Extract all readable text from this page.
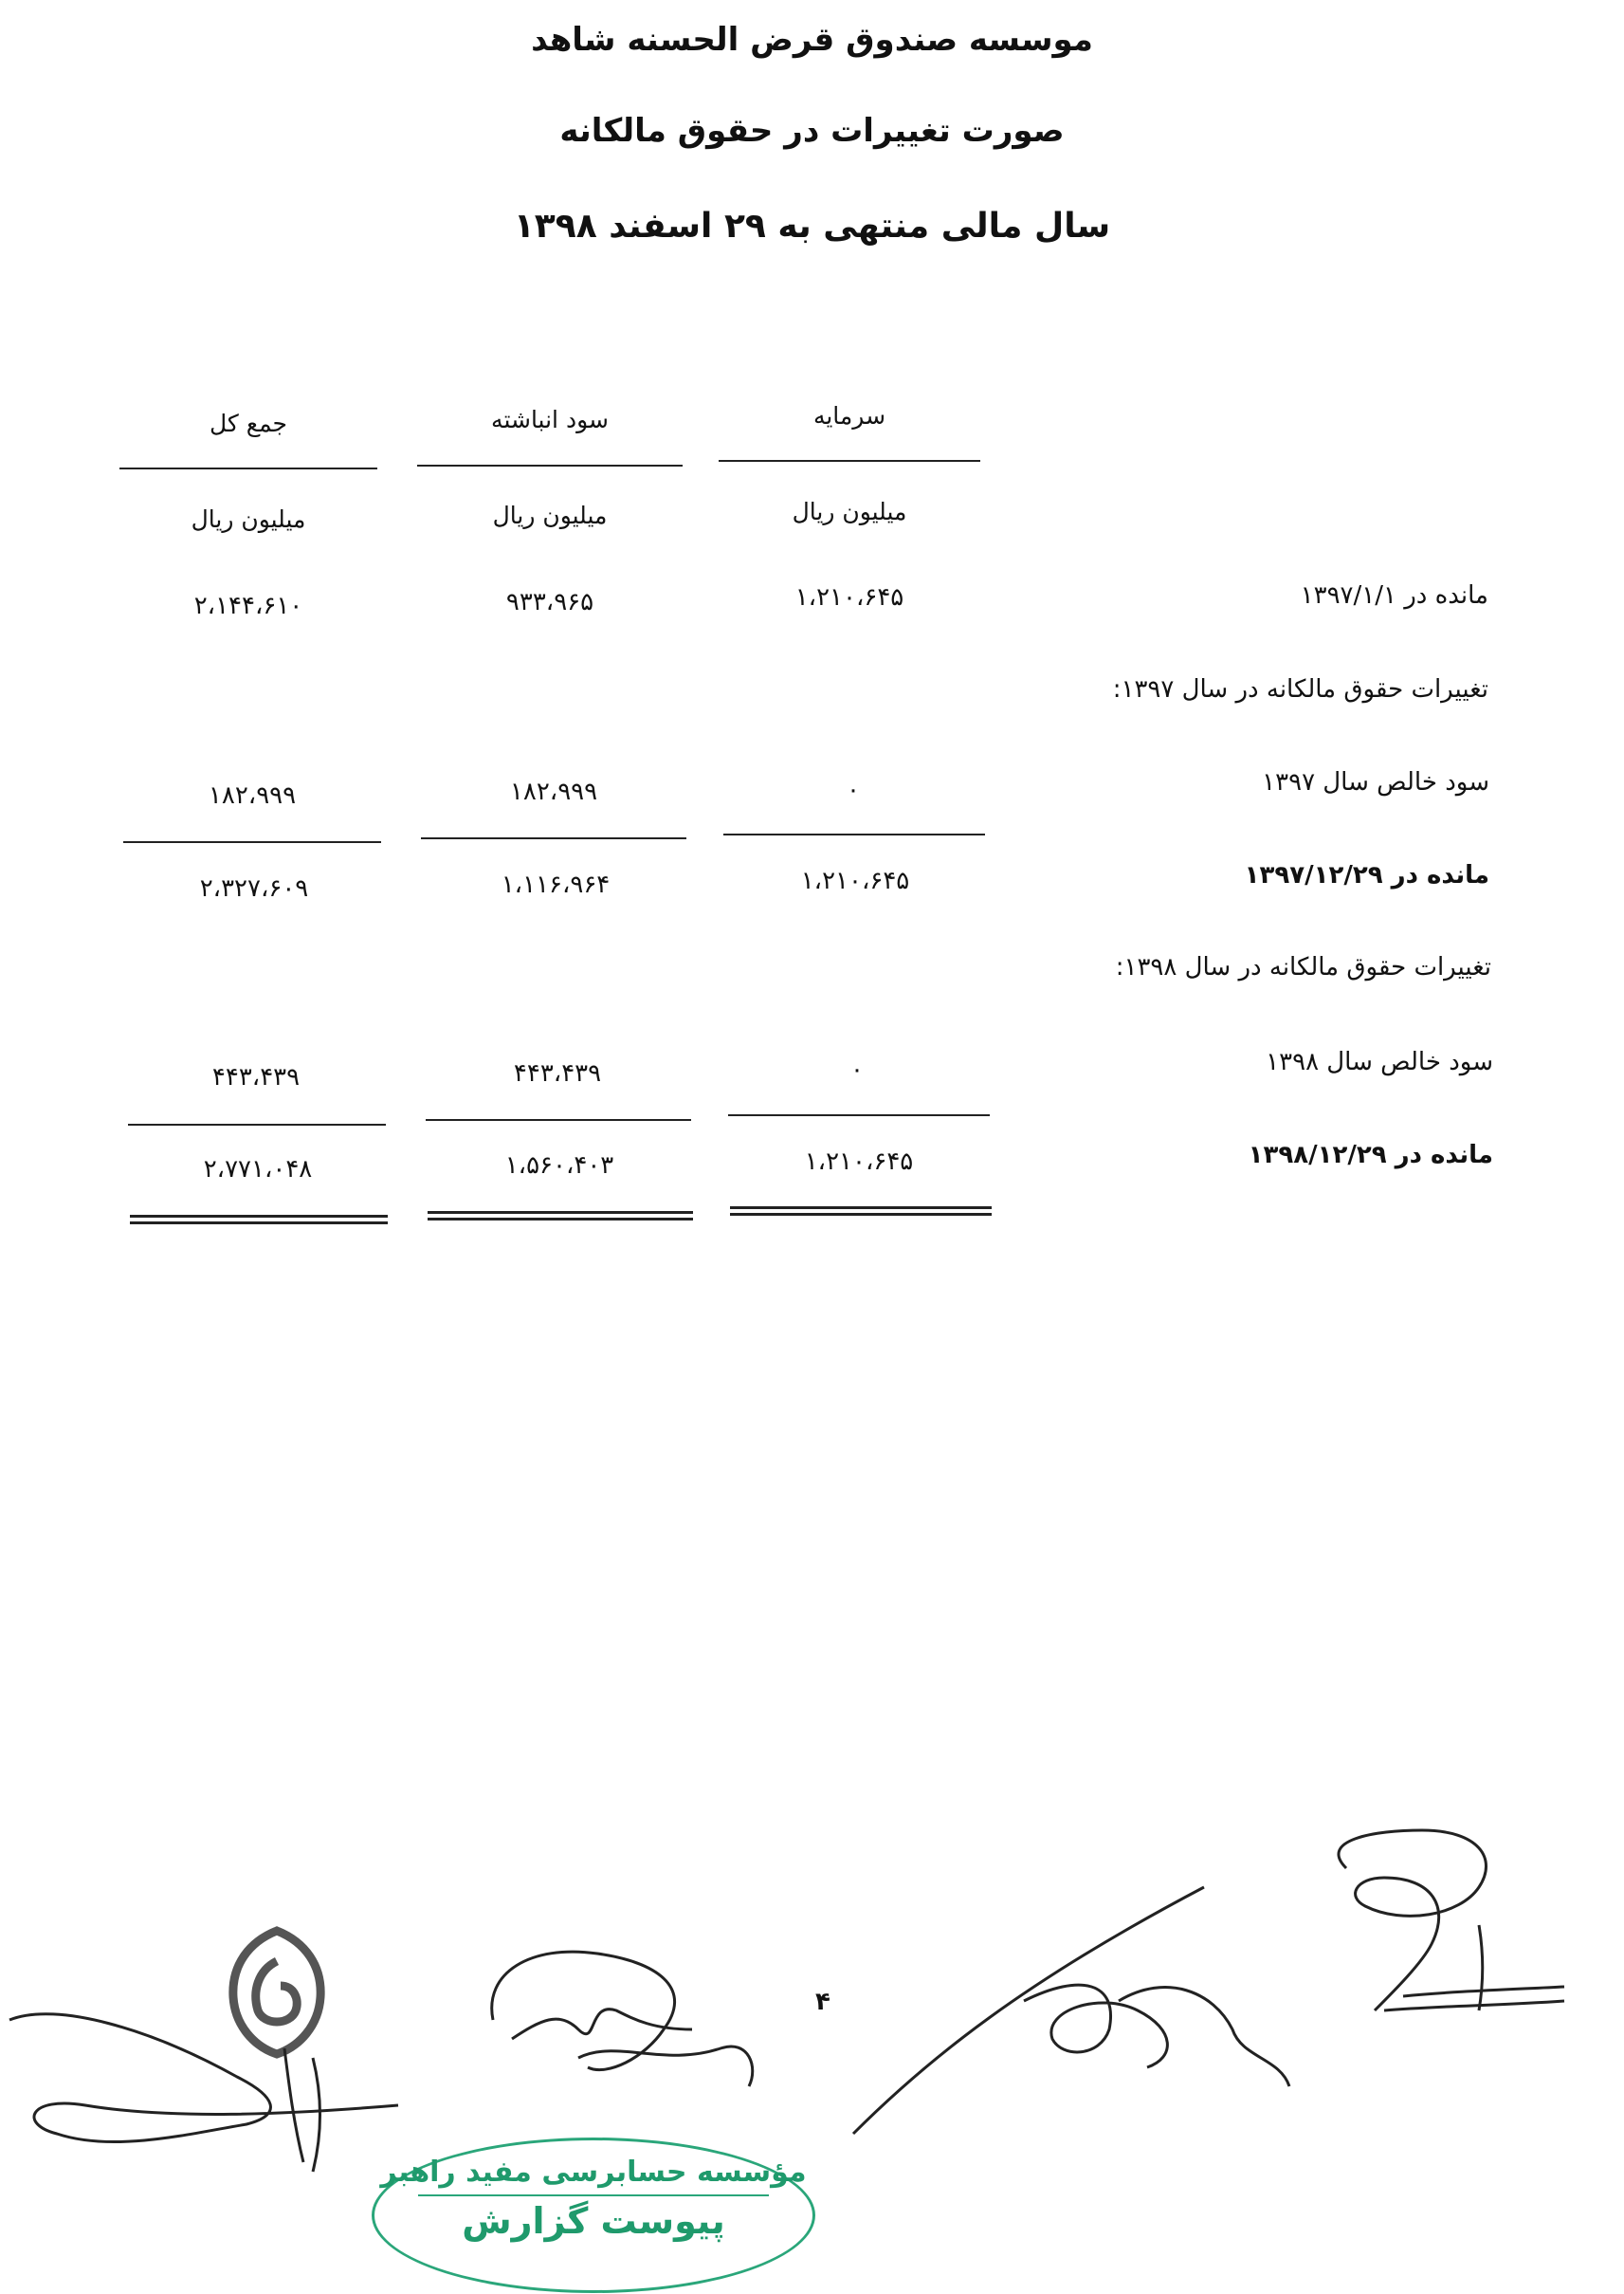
موسسه صندوق قرض الحسنه شاهد
صورت تغییرات در حقوق مالکانه
سال مالی منتهی به ۲۹ اسفند ۱۳۹۸
سرمایه
سود انباشته
جمع کل
میلیون ریال
میلیون ریال
میلیون ریال
مانده در ۱۳۹۷/۱/۱
۱،۲۱۰،۶۴۵
۹۳۳،۹۶۵
۲،۱۴۴،۶۱۰
تغییرات حقوق مالکانه در سال ۱۳۹۷:
سود خالص سال ۱۳۹۷
۰
۱۸۲،۹۹۹
۱۸۲،۹۹۹
مانده در ۱۳۹۷/۱۲/۲۹
۱،۲۱۰،۶۴۵
۱،۱۱۶،۹۶۴
۲،۳۲۷،۶۰۹
تغییرات حقوق مالکانه در سال ۱۳۹۸:
سود خالص سال ۱۳۹۸
۰
۴۴۳،۴۳۹
۴۴۳،۴۳۹
مانده در ۱۳۹۸/۱۲/۲۹
۱،۲۱۰،۶۴۵
۱،۵۶۰،۴۰۳
۲،۷۷۱،۰۴۸
۴
مؤسسه حسابرسی مفید راهبر
پیوست گزارش
